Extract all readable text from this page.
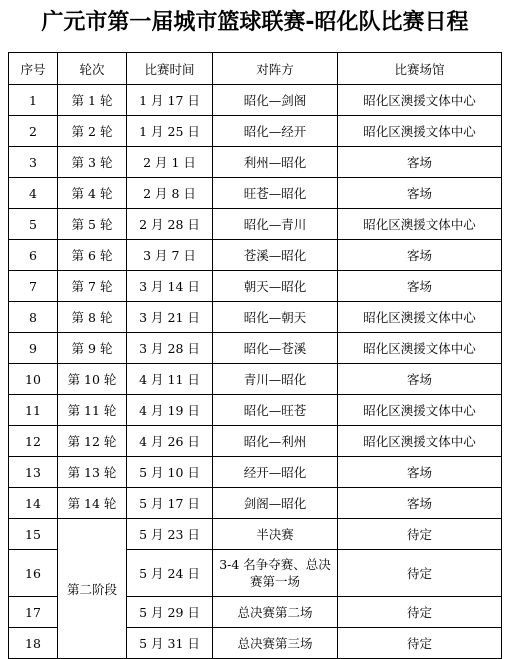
广元市第一届城市篮球联赛-昭化队比赛日程
序号	轮次	比赛时间	对阵方	比赛场馆
1	第 1 轮	1 月 17 日	昭化—剑阁	昭化区澳援文体中心
2	第 2 轮	1 月 25 日	昭化—经开	昭化区澳援文体中心
3	第 3 轮	2 月 1 日	利州—昭化	客场
4	第 4 轮	2 月 8 日	旺苍—昭化	客场
5	第 5 轮	2 月 28 日	昭化—青川	昭化区澳援文体中心
6	第 6 轮	3 月 7 日	苍溪—昭化	客场
7	第 7 轮	3 月 14 日	朝天—昭化	客场
8	第 8 轮	3 月 21 日	昭化—朝天	昭化区澳援文体中心
9	第 9 轮	3 月 28 日	昭化—苍溪	昭化区澳援文体中心
10	第 10 轮	4 月 11 日	青川—昭化	客场
11	第 11 轮	4 月 19 日	昭化—旺苍	昭化区澳援文体中心
12	第 12 轮	4 月 26 日	昭化—利州	昭化区澳援文体中心
13	第 13 轮	5 月 10 日	经开—昭化	客场
14	第 14 轮	5 月 17 日	剑阁—昭化	客场
15	第二阶段	5 月 23 日	半决赛	待定
16		5 月 24 日	3-4 名争夺赛、总决赛第一场	待定
17		5 月 29 日	总决赛第二场	待定
18		5 月 31 日	总决赛第三场	待定
